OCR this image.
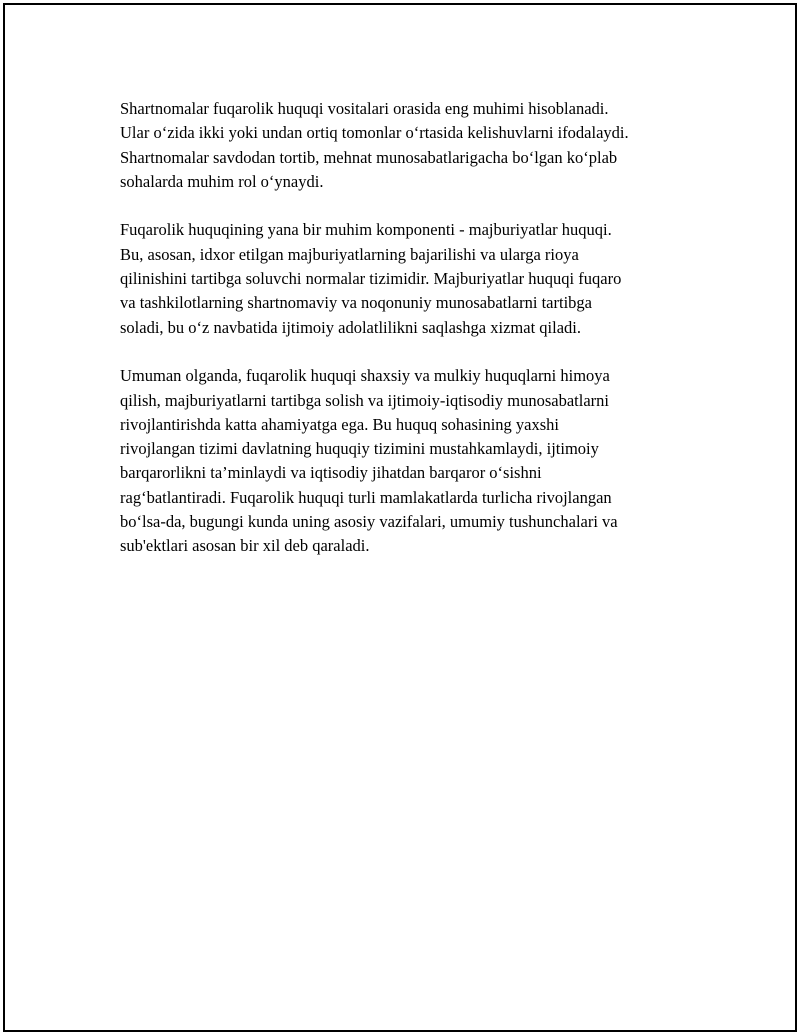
Shartnomalar fuqarolik huquqi vositalari orasida eng muhimi hisoblanadi.
Ular o‘zida ikki yoki undan ortiq tomonlar o‘rtasida kelishuvlarni ifodalaydi.
Shartnomalar savdodan tortib, mehnat munosabatlarigacha bo‘lgan ko‘plab
sohalarda muhim rol o‘ynaydi.

Fuqarolik huquqining yana bir muhim komponenti - majburiyatlar huquqi.
Bu, asosan, idxor etilgan majburiyatlarning bajarilishi va ularga rioya
qilinishini tartibga soluvchi normalar tizimidir. Majburiyatlar huquqi fuqaro
va tashkilotlarning shartnomaviy va noqonuniy munosabatlarni tartibga
soladi, bu o‘z navbatida ijtimoiy adolatlilikni saqlashga xizmat qiladi.

Umuman olganda, fuqarolik huquqi shaxsiy va mulkiy huquqlarni himoya
qilish, majburiyatlarni tartibga solish va ijtimoiy-iqtisodiy munosabatlarni
rivojlantirishda katta ahamiyatga ega. Bu huquq sohasining yaxshi
rivojlangan tizimi davlatning huquqiy tizimini mustahkamlaydi, ijtimoiy
barqarorlikni ta’minlaydi va iqtisodiy jihatdan barqaror o‘sishni
rag‘batlantiradi. Fuqarolik huquqi turli mamlakatlarda turlicha rivojlangan
bo‘lsa-da, bugungi kunda uning asosiy vazifalari, umumiy tushunchalari va
sub'ektlari asosan bir xil deb qaraladi.
